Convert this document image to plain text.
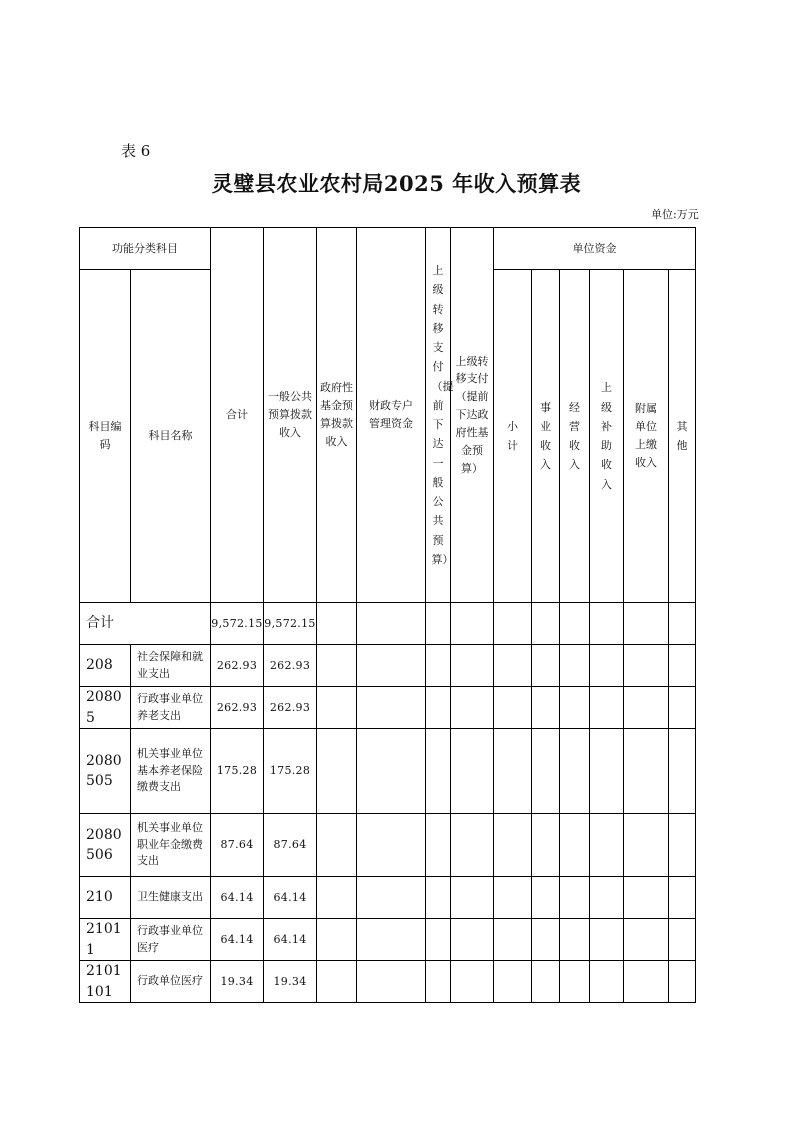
表 6
灵璧县农业农村局2025 年收入预算表
单位:万元
功能分类科目		合计	一般公共预算拨款收入	政府性基金预算拨款收入	财政专户管理资金	上级转移支付（提前下达一般公共预算）	上级转移支付（提前下达政府性基金预算）	单位资金					

科目编码	科目名称							小计	事业收入	经营收入	上级补助收入	附属单位上缴收入	其他

合计		9,572.15	9,572.15										
208	社会保障和就业支出	262.93	262.93										
20805	行政事业单位养老支出	262.93	262.93										
2080505	机关事业单位基本养老保险缴费支出	175.28	175.28										
2080506	机关事业单位职业年金缴费支出	87.64	87.64										
210	卫生健康支出	64.14	64.14										
21011	行政事业单位医疗	64.14	64.14										
2101101	行政单位医疗	19.34	19.34										
